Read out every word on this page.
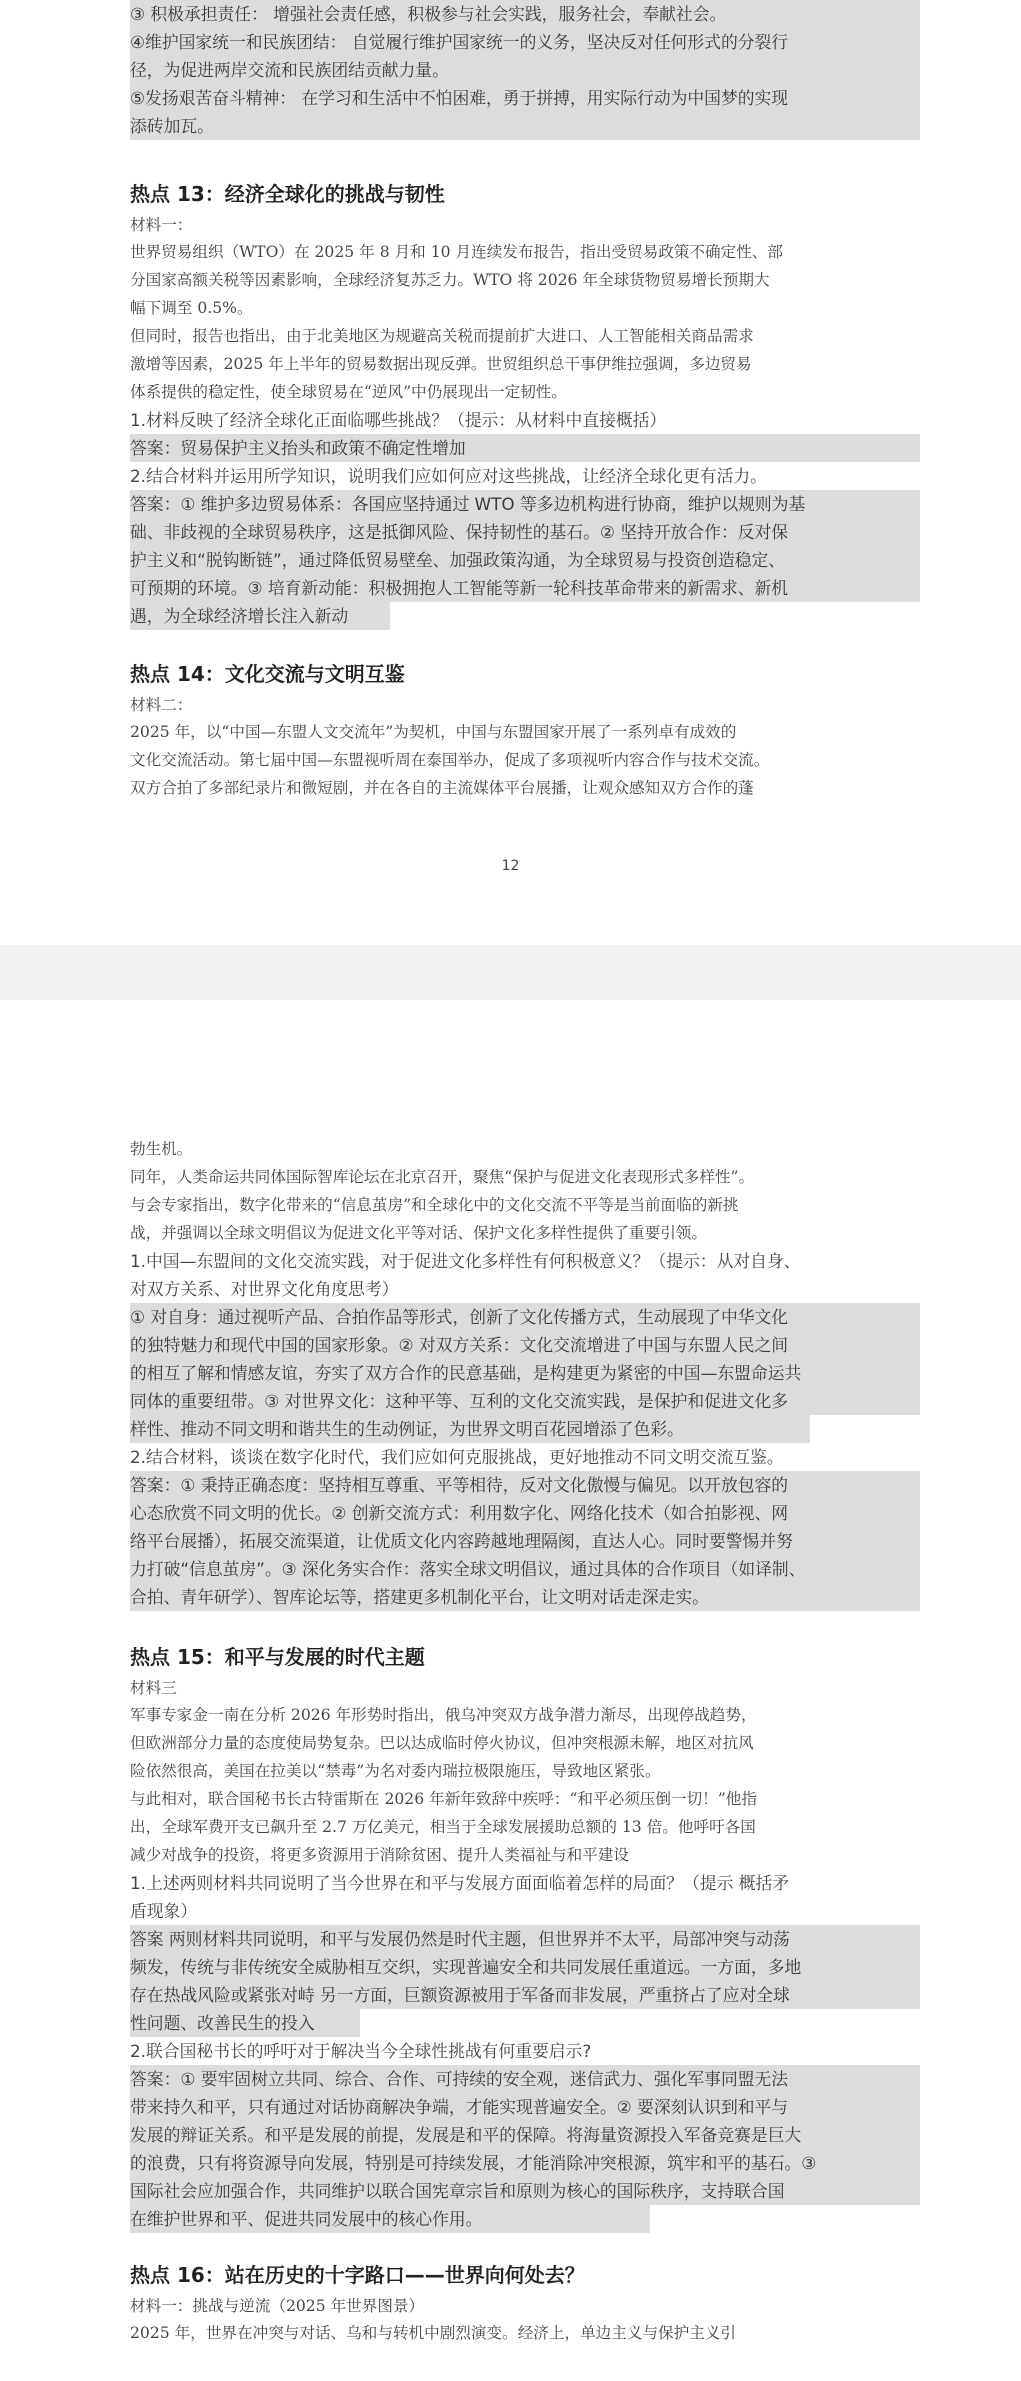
③ 积极承担责任： 增强社会责任感，积极参与社会实践，服务社会，奉献社会。
④维护国家统一和民族团结： 自觉履行维护国家统一的义务，坚决反对任何形式的分裂行
径，为促进两岸交流和民族团结贡献力量。
⑤发扬艰苦奋斗精神： 在学习和生活中不怕困难，勇于拼搏，用实际行动为中国梦的实现
添砖加瓦。
热点 13：经济全球化的挑战与韧性
材料一：
世界贸易组织（WTO）在 2025 年 8 月和 10 月连续发布报告，指出受贸易政策不确定性、部
分国家高额关税等因素影响，全球经济复苏乏力。WTO 将 2026 年全球货物贸易增长预期大
幅下调至 0.5%。
但同时，报告也指出，由于北美地区为规避高关税而提前扩大进口、人工智能相关商品需求
激增等因素，2025 年上半年的贸易数据出现反弹。世贸组织总干事伊维拉强调，多边贸易
体系提供的稳定性，使全球贸易在“逆风”中仍展现出一定韧性。
1.材料反映了经济全球化正面临哪些挑战？（提示：从材料中直接概括）
答案：贸易保护主义抬头和政策不确定性增加
2.结合材料并运用所学知识，说明我们应如何应对这些挑战，让经济全球化更有活力。
答案：① 维护多边贸易体系：各国应坚持通过 WTO 等多边机构进行协商，维护以规则为基
础、非歧视的全球贸易秩序，这是抵御风险、保持韧性的基石。② 坚持开放合作：反对保
护主义和“脱钩断链”，通过降低贸易壁垒、加强政策沟通，为全球贸易与投资创造稳定、
可预期的环境。③ 培育新动能：积极拥抱人工智能等新一轮科技革命带来的新需求、新机
遇，为全球经济增长注入新动
热点 14：文化交流与文明互鉴
材料二：
2025 年，以“中国—东盟人文交流年”为契机，中国与东盟国家开展了一系列卓有成效的
文化交流活动。第七届中国—东盟视听周在泰国举办，促成了多项视听内容合作与技术交流。
双方合拍了多部纪录片和微短剧，并在各自的主流媒体平台展播，让观众感知双方合作的蓬
12
勃生机。
同年，人类命运共同体国际智库论坛在北京召开，聚焦“保护与促进文化表现形式多样性”。
与会专家指出，数字化带来的“信息茧房”和全球化中的文化交流不平等是当前面临的新挑
战，并强调以全球文明倡议为促进文化平等对话、保护文化多样性提供了重要引领。
1.中国—东盟间的文化交流实践，对于促进文化多样性有何积极意义？（提示：从对自身、
对双方关系、对世界文化角度思考）
① 对自身：通过视听产品、合拍作品等形式，创新了文化传播方式，生动展现了中华文化
的独特魅力和现代中国的国家形象。② 对双方关系：文化交流增进了中国与东盟人民之间
的相互了解和情感友谊，夯实了双方合作的民意基础，是构建更为紧密的中国—东盟命运共
同体的重要纽带。③ 对世界文化：这种平等、互利的文化交流实践，是保护和促进文化多
样性、推动不同文明和谐共生的生动例证，为世界文明百花园增添了色彩。
2.结合材料，谈谈在数字化时代，我们应如何克服挑战，更好地推动不同文明交流互鉴。
答案：① 秉持正确态度：坚持相互尊重、平等相待，反对文化傲慢与偏见。以开放包容的
心态欣赏不同文明的优长。② 创新交流方式：利用数字化、网络化技术（如合拍影视、网
络平台展播），拓展交流渠道，让优质文化内容跨越地理隔阂，直达人心。同时要警惕并努
力打破“信息茧房”。③ 深化务实合作：落实全球文明倡议，通过具体的合作项目（如译制、
合拍、青年研学）、智库论坛等，搭建更多机制化平台，让文明对话走深走实。
热点 15：和平与发展的时代主题
材料三
军事专家金一南在分析 2026 年形势时指出，俄乌冲突双方战争潜力渐尽，出现停战趋势，
但欧洲部分力量的态度使局势复杂。巴以达成临时停火协议，但冲突根源未解，地区对抗风
险依然很高，美国在拉美以“禁毒”为名对委内瑞拉极限施压，导致地区紧张。
与此相对，联合国秘书长古特雷斯在 2026 年新年致辞中疾呼：“和平必须压倒一切！”他指
出，全球军费开支已飙升至 2.7 万亿美元，相当于全球发展援助总额的 13 倍。他呼吁各国
减少对战争的投资，将更多资源用于消除贫困、提升人类福祉与和平建设
1.上述两则材料共同说明了当今世界在和平与发展方面面临着怎样的局面？（提示 概括矛
盾现象）
答案 两则材料共同说明，和平与发展仍然是时代主题，但世界并不太平，局部冲突与动荡
频发，传统与非传统安全威胁相互交织，实现普遍安全和共同发展任重道远。一方面，多地
存在热战风险或紧张对峙 另一方面，巨额资源被用于军备而非发展，严重挤占了应对全球
性问题、改善民生的投入
2.联合国秘书长的呼吁对于解决当今全球性挑战有何重要启示?
答案：① 要牢固树立共同、综合、合作、可持续的安全观，迷信武力、强化军事同盟无法
带来持久和平，只有通过对话协商解决争端，才能实现普遍安全。② 要深刻认识到和平与
发展的辩证关系。和平是发展的前提，发展是和平的保障。将海量资源投入军备竞赛是巨大
的浪费，只有将资源导向发展，特别是可持续发展，才能消除冲突根源，筑牢和平的基石。③
国际社会应加强合作，共同维护以联合国宪章宗旨和原则为核心的国际秩序，支持联合国
在维护世界和平、促进共同发展中的核心作用。
热点 16：站在历史的十字路口——世界向何处去？
材料一：挑战与逆流（2025 年世界图景）
2025 年，世界在冲突与对话、乌和与转机中剧烈演变。经济上，单边主义与保护主义引
